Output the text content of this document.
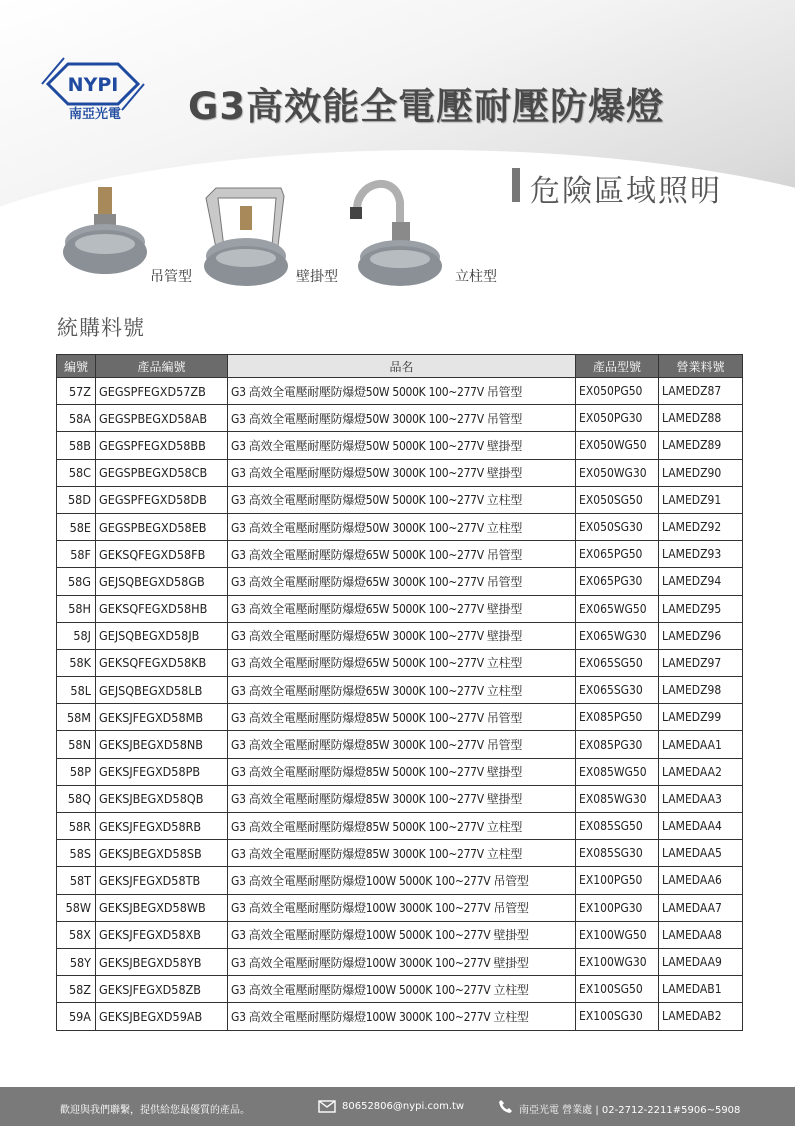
NYPI
南亞光電	G3高效能全電壓耐壓防爆燈
危險區域照明
吊管型	壁掛型	立柱型
統購料號
編號	產品編號	品名	產品型號	營業料號
57Z	GEGSPFEGXD57ZB	G3 高效全電壓耐壓防爆燈50W 5000K 100~277V 吊管型	EX050PG50	LAMEDZ87
58A	GEGSPBEGXD58AB	G3 高效全電壓耐壓防爆燈50W 3000K 100~277V 吊管型	EX050PG30	LAMEDZ88
58B	GEGSPFEGXD58BB	G3 高效全電壓耐壓防爆燈50W 5000K 100~277V 壁掛型	EX050WG50	LAMEDZ89
58C	GEGSPBEGXD58CB	G3 高效全電壓耐壓防爆燈50W 3000K 100~277V 壁掛型	EX050WG30	LAMEDZ90
58D	GEGSPFEGXD58DB	G3 高效全電壓耐壓防爆燈50W 5000K 100~277V 立柱型	EX050SG50	LAMEDZ91
58E	GEGSPBEGXD58EB	G3 高效全電壓耐壓防爆燈50W 3000K 100~277V 立柱型	EX050SG30	LAMEDZ92
58F	GEKSQFEGXD58FB	G3 高效全電壓耐壓防爆燈65W 5000K 100~277V 吊管型	EX065PG50	LAMEDZ93
58G	GEJSQBEGXD58GB	G3 高效全電壓耐壓防爆燈65W 3000K 100~277V 吊管型	EX065PG30	LAMEDZ94
58H	GEKSQFEGXD58HB	G3 高效全電壓耐壓防爆燈65W 5000K 100~277V 壁掛型	EX065WG50	LAMEDZ95
58J	GEJSQBEGXD58JB	G3 高效全電壓耐壓防爆燈65W 3000K 100~277V 壁掛型	EX065WG30	LAMEDZ96
58K	GEKSQFEGXD58KB	G3 高效全電壓耐壓防爆燈65W 5000K 100~277V 立柱型	EX065SG50	LAMEDZ97
58L	GEJSQBEGXD58LB	G3 高效全電壓耐壓防爆燈65W 3000K 100~277V 立柱型	EX065SG30	LAMEDZ98
58M	GEKSJFEGXD58MB	G3 高效全電壓耐壓防爆燈85W 5000K 100~277V 吊管型	EX085PG50	LAMEDZ99
58N	GEKSJBEGXD58NB	G3 高效全電壓耐壓防爆燈85W 3000K 100~277V 吊管型	EX085PG30	LAMEDAA1
58P	GEKSJFEGXD58PB	G3 高效全電壓耐壓防爆燈85W 5000K 100~277V 壁掛型	EX085WG50	LAMEDAA2
58Q	GEKSJBEGXD58QB	G3 高效全電壓耐壓防爆燈85W 3000K 100~277V 壁掛型	EX085WG30	LAMEDAA3
58R	GEKSJFEGXD58RB	G3 高效全電壓耐壓防爆燈85W 5000K 100~277V 立柱型	EX085SG50	LAMEDAA4
58S	GEKSJBEGXD58SB	G3 高效全電壓耐壓防爆燈85W 3000K 100~277V 立柱型	EX085SG30	LAMEDAA5
58T	GEKSJFEGXD58TB	G3 高效全電壓耐壓防爆燈100W 5000K 100~277V 吊管型	EX100PG50	LAMEDAA6
58W	GEKSJBEGXD58WB	G3 高效全電壓耐壓防爆燈100W 3000K 100~277V 吊管型	EX100PG30	LAMEDAA7
58X	GEKSJFEGXD58XB	G3 高效全電壓耐壓防爆燈100W 5000K 100~277V 壁掛型	EX100WG50	LAMEDAA8
58Y	GEKSJBEGXD58YB	G3 高效全電壓耐壓防爆燈100W 3000K 100~277V 壁掛型	EX100WG30	LAMEDAA9
58Z	GEKSJFEGXD58ZB	G3 高效全電壓耐壓防爆燈100W 5000K 100~277V 立柱型	EX100SG50	LAMEDAB1
59A	GEKSJBEGXD59AB	G3 高效全電壓耐壓防爆燈100W 3000K 100~277V 立柱型	EX100SG30	LAMEDAB2
歡迎與我們聯繫，提供給您最優質的產品。	80652806@nypi.com.tw	南亞光電 營業處 | 02-2712-2211#5906~5908
